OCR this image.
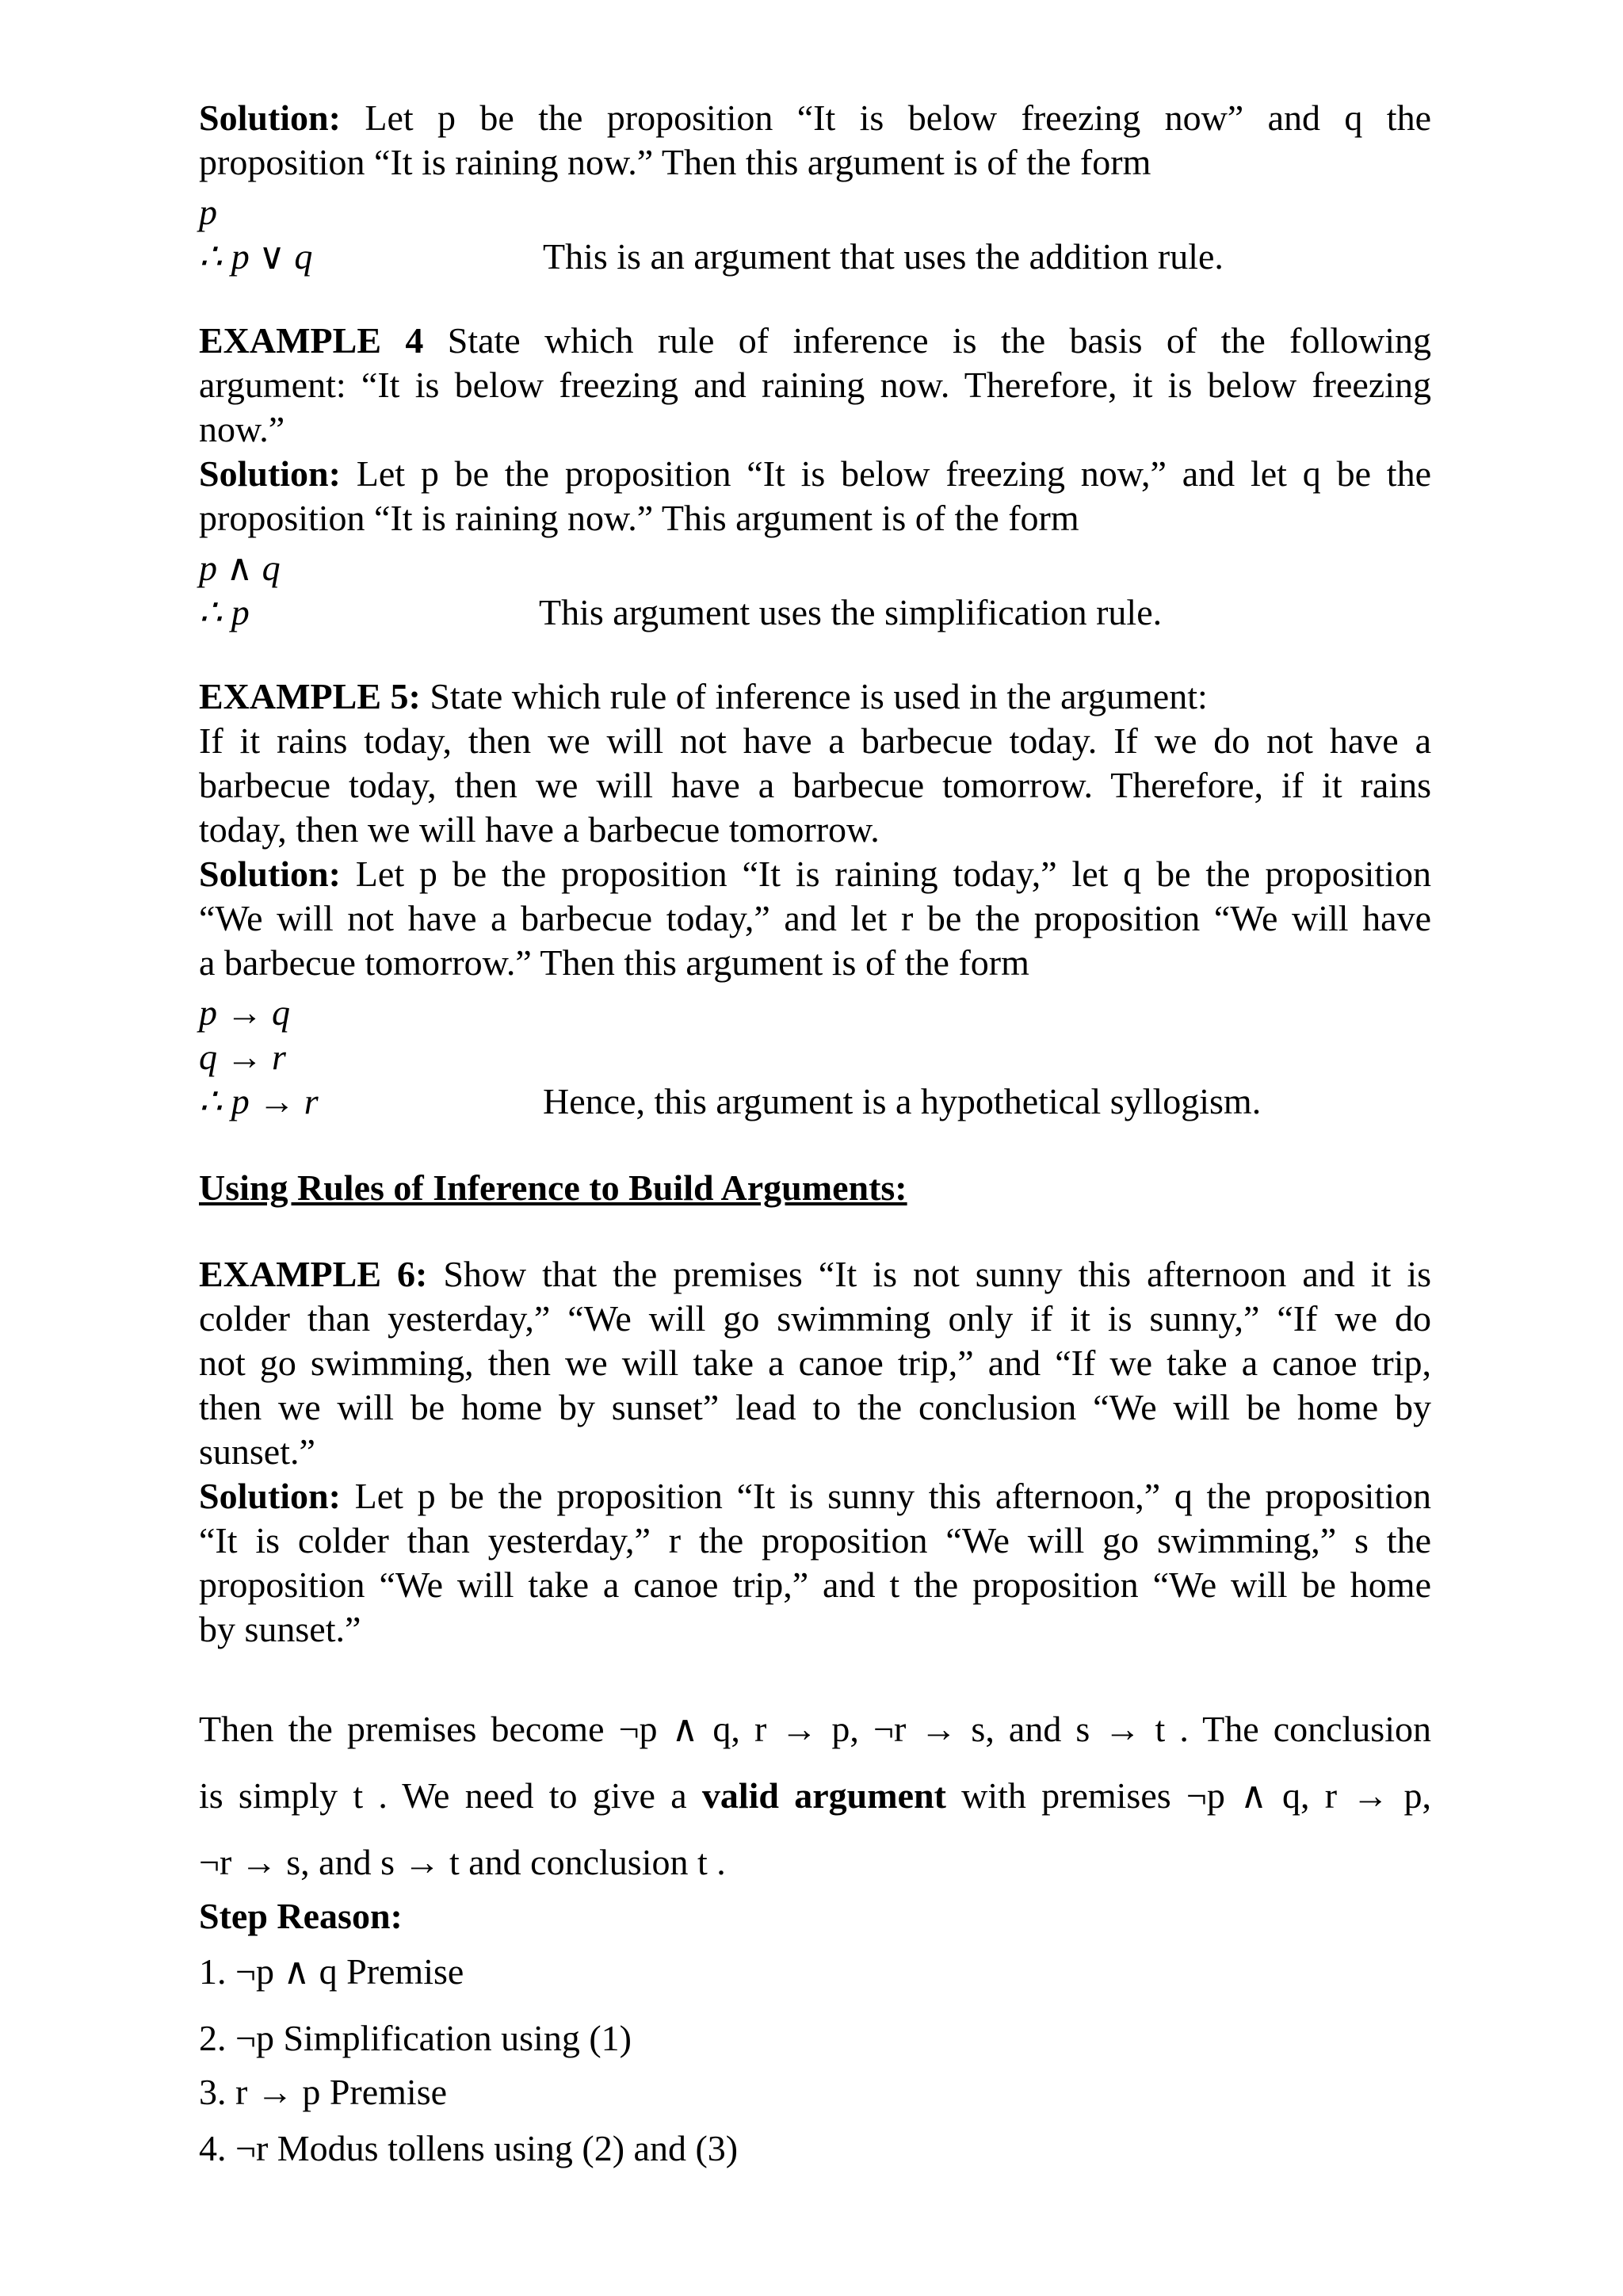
Solution: Let p be the proposition “It is below freezing now” and q the
proposition “It is raining now.” Then this argument is of the form
p
∴ p ∨ q	This is an argument that uses the addition rule.
EXAMPLE 4 State which rule of inference is the basis of the following
argument: “It is below freezing and raining now. Therefore, it is below freezing
now.”
Solution: Let p be the proposition “It is below freezing now,” and let q be the
proposition “It is raining now.” This argument is of the form
p ∧ q
∴ p	This argument uses the simplification rule.
EXAMPLE 5: State which rule of inference is used in the argument:
If it rains today, then we will not have a barbecue today. If we do not have a
barbecue today, then we will have a barbecue tomorrow. Therefore, if it rains
today, then we will have a barbecue tomorrow.
Solution: Let p be the proposition “It is raining today,” let q be the proposition
“We will not have a barbecue today,” and let r be the proposition “We will have
a barbecue tomorrow.” Then this argument is of the form
p → q
q → r
∴ p → r	Hence, this argument is a hypothetical syllogism.
Using Rules of Inference to Build Arguments:
EXAMPLE 6: Show that the premises “It is not sunny this afternoon and it is
colder than yesterday,” “We will go swimming only if it is sunny,” “If we do
not go swimming, then we will take a canoe trip,” and “If we take a canoe trip,
then we will be home by sunset” lead to the conclusion “We will be home by
sunset.”
Solution: Let p be the proposition “It is sunny this afternoon,” q the proposition
“It is colder than yesterday,” r the proposition “We will go swimming,” s the
proposition “We will take a canoe trip,” and t the proposition “We will be home
by sunset.”
Then the premises become ¬p ∧ q, r → p, ¬r → s, and s → t . The conclusion
is simply t . We need to give a valid argument with premises ¬p ∧ q, r → p,
¬r → s, and s → t and conclusion t .
Step Reason:
1. ¬p ∧ q Premise
2. ¬p Simplification using (1)
3. r → p Premise
4. ¬r Modus tollens using (2) and (3)
